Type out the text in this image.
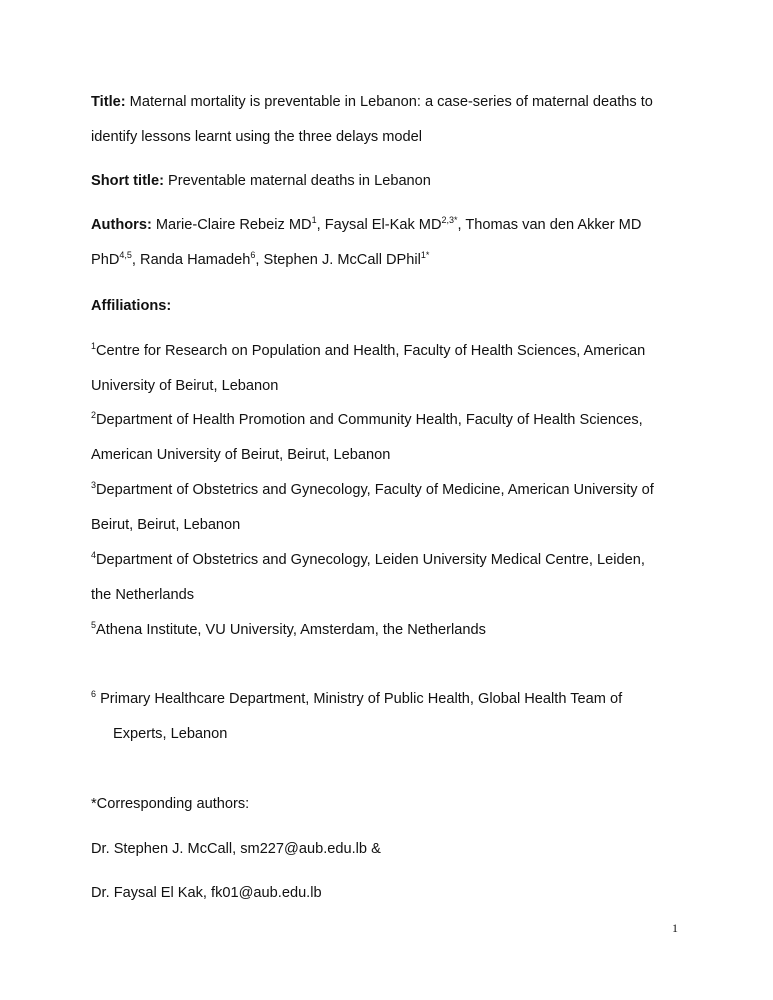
Title: Maternal mortality is preventable in Lebanon: a case-series of maternal deaths to

identify lessons learnt using the three delays model

Short title: Preventable maternal deaths in Lebanon

Authors: Marie-Claire Rebeiz $MD^1$, Faysal El-Kak $MD^{2,3*}$, Thomas van den Akker MD

PhD$^{4,5}$, Randa Hamadeh$^6$, Stephen J. McCall DPhil$^{1*}$

Affiliations:

$^1$Centre for Research on Population and Health, Faculty of Health Sciences, American

University of Beirut, Lebanon

$^2$Department of Health Promotion and Community Health, Faculty of Health Sciences,

American University of Beirut, Beirut, Lebanon

$^3$Department of Obstetrics and Gynecology, Faculty of Medicine, American University of

Beirut, Beirut, Lebanon

$^4$Department of Obstetrics and Gynecology, Leiden University Medical Centre, Leiden,

the Netherlands

$^5$Athena Institute, VU University, Amsterdam, the Netherlands

$^6$ Primary Healthcare Department, Ministry of Public Health, Global Health Team of

Experts, Lebanon

*Corresponding authors:

Dr. Stephen J. McCall, sm227@aub.edu.lb &

Dr. Faysal El Kak, fk01@aub.edu.lb

1
